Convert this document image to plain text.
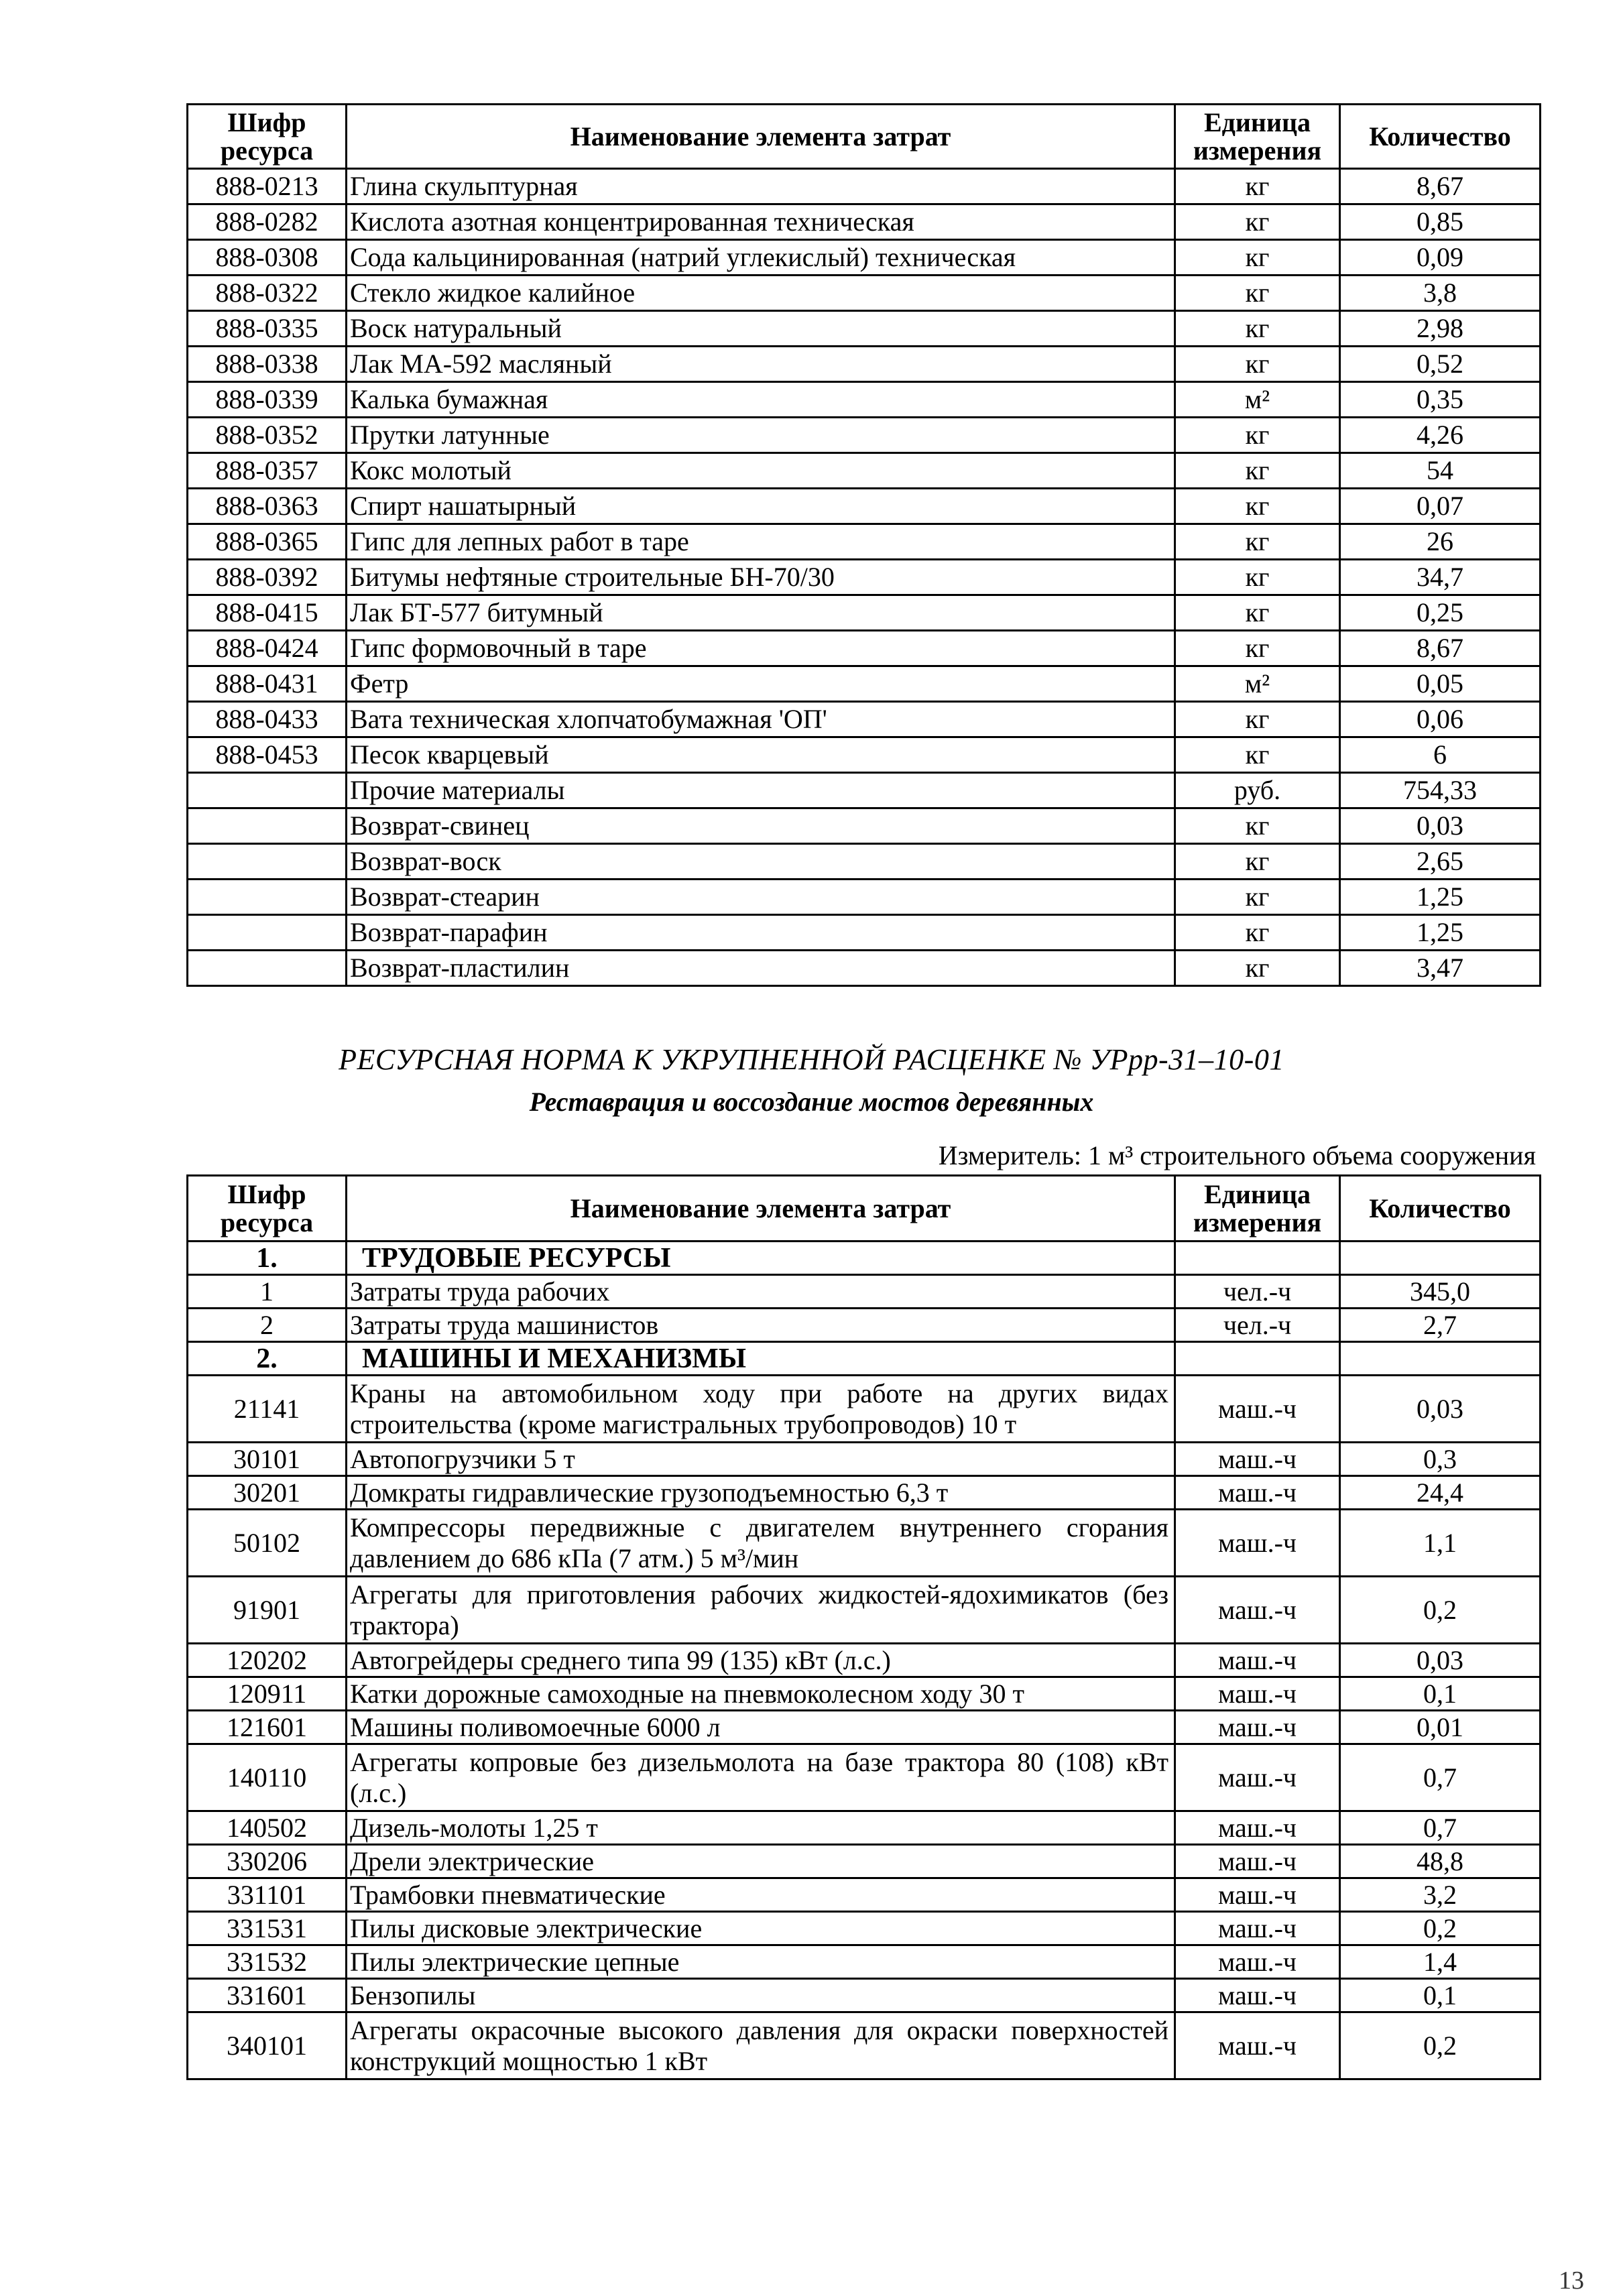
Шифр ресурса	Наименование элемента затрат	Единица измерения	Количество
888-0213	Глина скульптурная	кг	8,67
888-0282	Кислота азотная концентрированная техническая	кг	0,85
888-0308	Сода кальцинированная (натрий углекислый) техническая	кг	0,09
888-0322	Стекло жидкое калийное	кг	3,8
888-0335	Воск натуральный	кг	2,98
888-0338	Лак МА-592 масляный	кг	0,52
888-0339	Калька бумажная	м²	0,35
888-0352	Прутки латунные	кг	4,26
888-0357	Кокс молотый	кг	54
888-0363	Спирт нашатырный	кг	0,07
888-0365	Гипс для лепных работ в таре	кг	26
888-0392	Битумы нефтяные строительные БН-70/30	кг	34,7
888-0415	Лак БТ-577 битумный	кг	0,25
888-0424	Гипс формовочный в таре	кг	8,67
888-0431	Фетр	м²	0,05
888-0433	Вата техническая хлопчатобумажная 'ОП'	кг	0,06
888-0453	Песок кварцевый	кг	6
	Прочие материалы	руб.	754,33
	Возврат-свинец	кг	0,03
	Возврат-воск	кг	2,65
	Возврат-стеарин	кг	1,25
	Возврат-парафин	кг	1,25
	Возврат-пластилин	кг	3,47
РЕСУРСНАЯ НОРМА К УКРУПНЕННОЙ РАСЦЕНКЕ № УРрр-31–10-01
Реставрация и воссоздание мостов деревянных
Измеритель: 1 м³ строительного объема сооружения
Шифр ресурса	Наименование элемента затрат	Единица измерения	Количество
1.	ТРУДОВЫЕ РЕСУРСЫ		
1	Затраты труда рабочих	чел.-ч	345,0
2	Затраты труда машинистов	чел.-ч	2,7
2.	МАШИНЫ И МЕХАНИЗМЫ		
21141	Краны на автомобильном ходу при работе на других видах строительства (кроме магистральных трубопроводов) 10 т	маш.-ч	0,03
30101	Автопогрузчики 5 т	маш.-ч	0,3
30201	Домкраты гидравлические грузоподъемностью 6,3 т	маш.-ч	24,4
50102	Компрессоры передвижные с двигателем внутреннего сгорания давлением до 686 кПа (7 атм.) 5 м³/мин	маш.-ч	1,1
91901	Агрегаты для приготовления рабочих жидкостей-ядохимикатов (без трактора)	маш.-ч	0,2
120202	Автогрейдеры среднего типа 99 (135) кВт (л.с.)	маш.-ч	0,03
120911	Катки дорожные самоходные на пневмоколесном ходу 30 т	маш.-ч	0,1
121601	Машины поливомоечные 6000 л	маш.-ч	0,01
140110	Агрегаты копровые без дизельмолота на базе трактора 80 (108) кВт (л.с.)	маш.-ч	0,7
140502	Дизель-молоты 1,25 т	маш.-ч	0,7
330206	Дрели электрические	маш.-ч	48,8
331101	Трамбовки пневматические	маш.-ч	3,2
331531	Пилы дисковые электрические	маш.-ч	0,2
331532	Пилы электрические цепные	маш.-ч	1,4
331601	Бензопилы	маш.-ч	0,1
340101	Агрегаты окрасочные высокого давления для окраски поверхностей конструкций мощностью 1 кВт	маш.-ч	0,2
13
